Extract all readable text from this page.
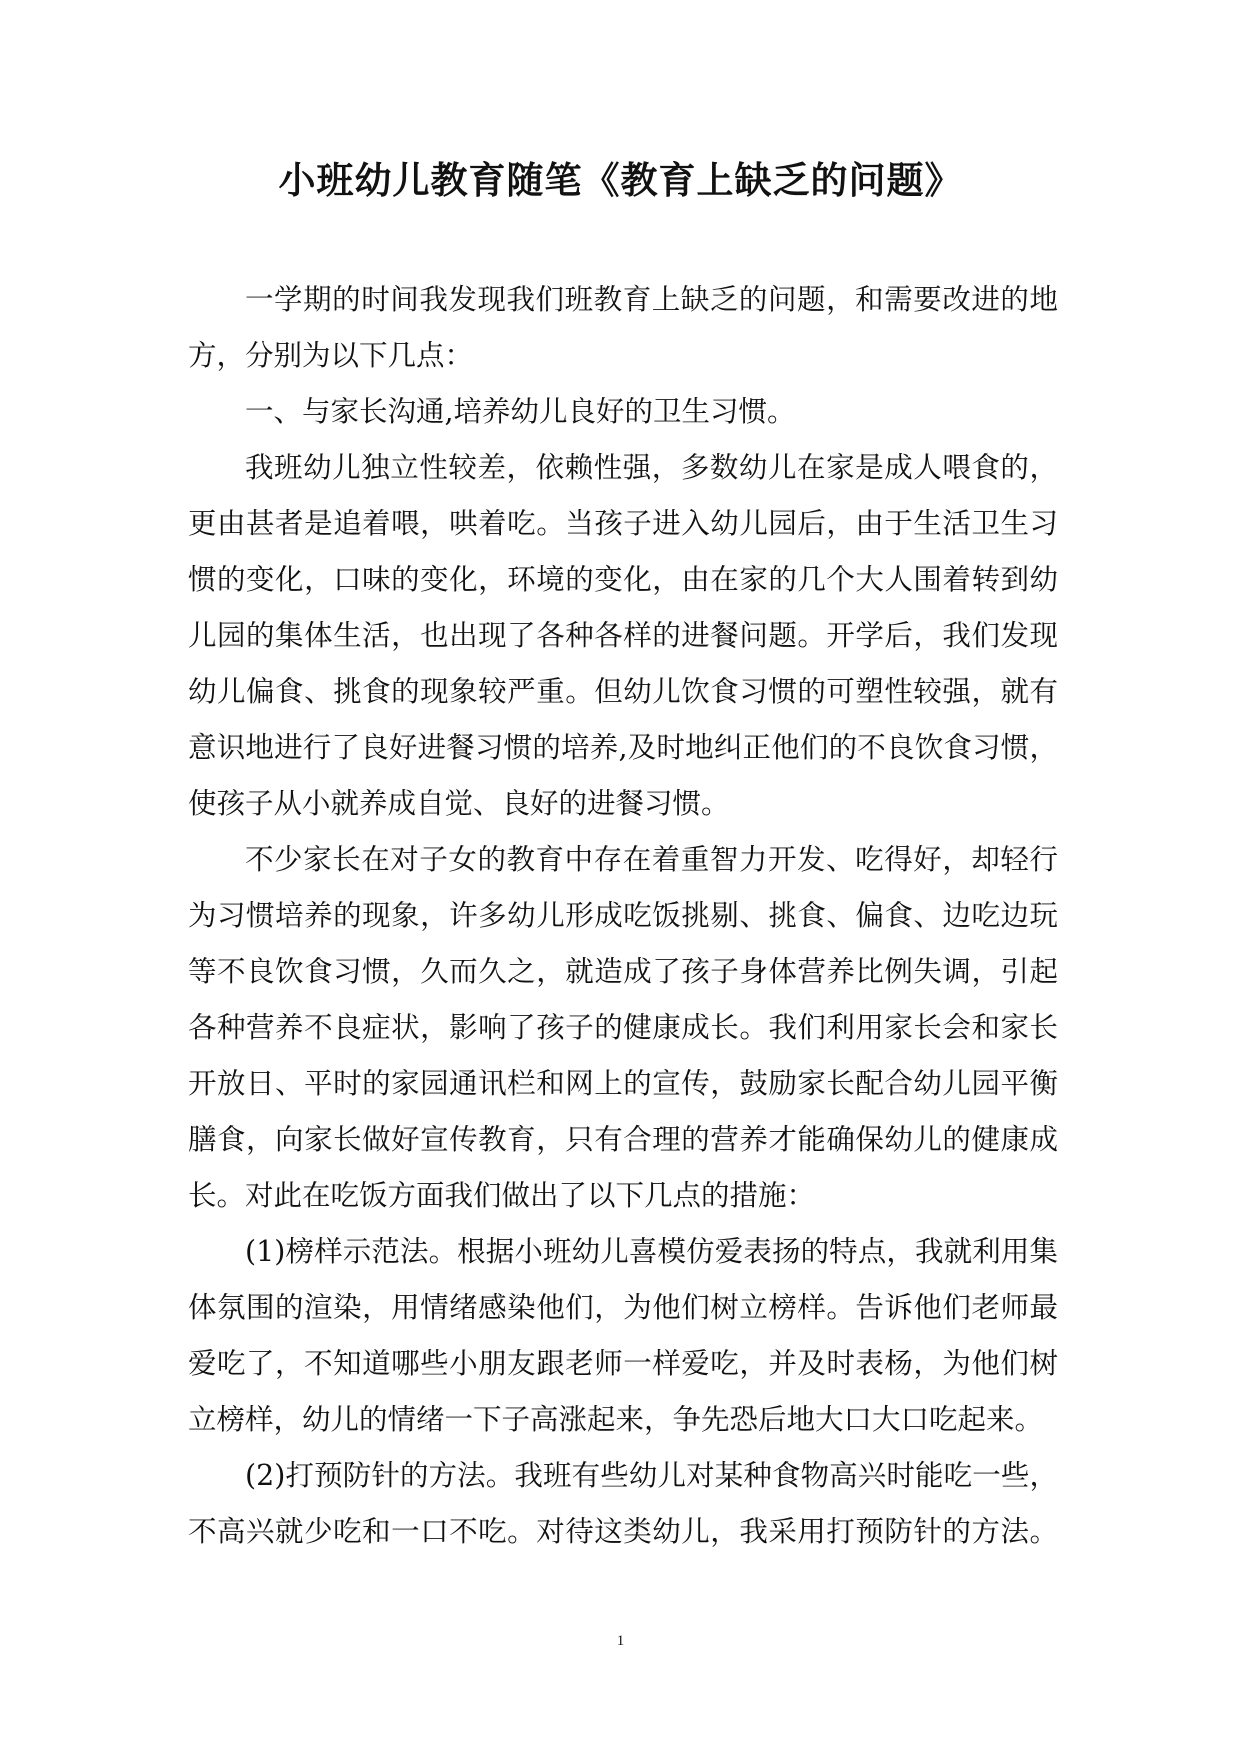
小班幼儿教育随笔《教育上缺乏的问题》

一学期的时间我发现我们班教育上缺乏的问题，和需要改进的地方，分别为以下几点：

一、与家长沟通,培养幼儿良好的卫生习惯。

我班幼儿独立性较差，依赖性强，多数幼儿在家是成人喂食的，更由甚者是追着喂，哄着吃。当孩子进入幼儿园后，由于生活卫生习惯的变化，口味的变化，环境的变化，由在家的几个大人围着转到幼儿园的集体生活，也出现了各种各样的进餐问题。开学后，我们发现幼儿偏食、挑食的现象较严重。但幼儿饮食习惯的可塑性较强，就有意识地进行了良好进餐习惯的培养,及时地纠正他们的不良饮食习惯，使孩子从小就养成自觉、良好的进餐习惯。

不少家长在对子女的教育中存在着重智力开发、吃得好，却轻行为习惯培养的现象，许多幼儿形成吃饭挑剔、挑食、偏食、边吃边玩等不良饮食习惯，久而久之，就造成了孩子身体营养比例失调，引起各种营养不良症状，影响了孩子的健康成长。我们利用家长会和家长开放日、平时的家园通讯栏和网上的宣传，鼓励家长配合幼儿园平衡膳食，向家长做好宣传教育，只有合理的营养才能确保幼儿的健康成长。对此在吃饭方面我们做出了以下几点的措施：

(1)榜样示范法。根据小班幼儿喜模仿爱表扬的特点，我就利用集体氛围的渲染，用情绪感染他们，为他们树立榜样。告诉他们老师最爱吃了，不知道哪些小朋友跟老师一样爱吃，并及时表杨，为他们树立榜样，幼儿的情绪一下子高涨起来，争先恐后地大口大口吃起来。

(2)打预防针的方法。我班有些幼儿对某种食物高兴时能吃一些，不高兴就少吃和一口不吃。对待这类幼儿，我采用打预防针的方法。

1
